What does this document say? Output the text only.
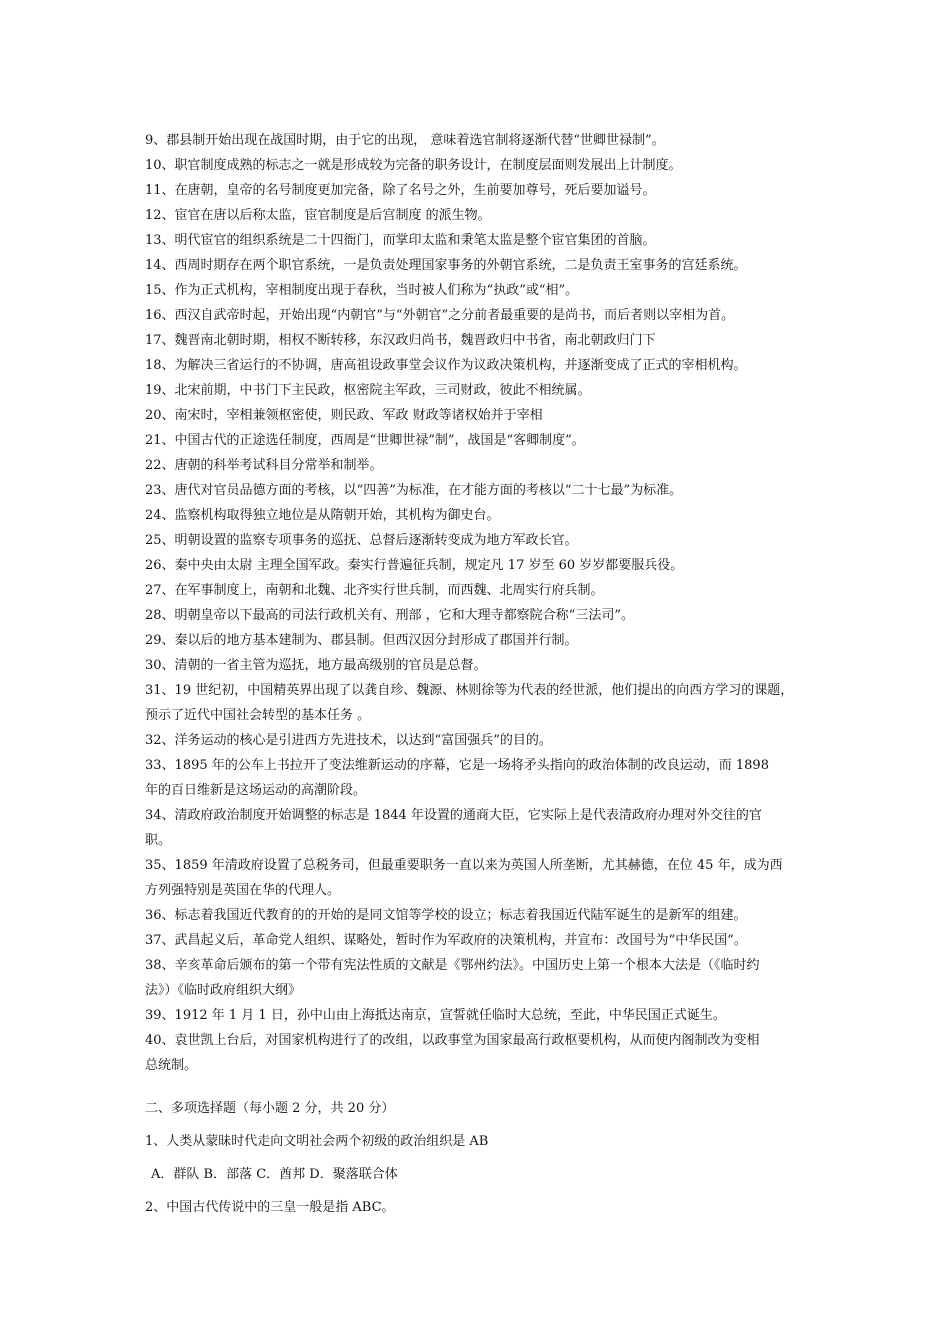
9、郡县制开始出现在战国时期，由于它的出现， 意味着选官制将逐渐代替“世卿世禄制”。
10、职官制度成熟的标志之一就是形成较为完备的职务设计，在制度层面则发展出上计制度。
11、在唐朝，皇帝的名号制度更加完备，除了名号之外，生前要加尊号，死后要加谥号。
12、宦官在唐以后称太监，宦官制度是后宫制度 的派生物。
13、明代宦官的组织系统是二十四衙门，而掌印太监和秉笔太监是整个宦官集团的首脑。
14、西周时期存在两个职官系统，一是负责处理国家事务的外朝官系统，二是负责王室事务的宫廷系统。
15、作为正式机构，宰相制度出现于春秋，当时被人们称为“执政”或“相”。
16、西汉自武帝时起，开始出现“内朝官”与“外朝官”之分前者最重要的是尚书，而后者则以宰相为首。
17、魏晋南北朝时期，相权不断转移，东汉政归尚书，魏晋政归中书省，南北朝政归门下
18、为解决三省运行的不协调，唐高祖设政事堂会议作为议政决策机构，并逐渐变成了正式的宰相机构。
19、北宋前期，中书门下主民政，枢密院主军政，三司财政，彼此不相统属。
20、南宋时，宰相兼领枢密使，则民政、军政 财政等诸权始并于宰相
21、中国古代的正途选任制度，西周是“世卿世禄”制”，战国是“客卿制度”。
22、唐朝的科举考试科目分常举和制举。
23、唐代对官员品德方面的考核，以“四善”为标准，在才能方面的考核以“二十七最”为标准。
24、监察机构取得独立地位是从隋朝开始，其机构为御史台。
25、明朝设置的监察专项事务的巡抚、总督后逐渐转变成为地方军政长官。
26、秦中央由太尉 主理全国军政。秦实行普遍征兵制，规定凡 17 岁至 60 岁岁都要服兵役。
27、在军事制度上，南朝和北魏、北齐实行世兵制，而西魏、北周实行府兵制。
28、明朝皇帝以下最高的司法行政机关有、刑部 ，它和大理寺都察院合称“三法司”。
29、秦以后的地方基本建制为、郡县制。但西汉因分封形成了郡国并行制。
30、清朝的一省主管为巡抚，地方最高级别的官员是总督。
31、19 世纪初，中国精英界出现了以龚自珍、魏源、林则徐等为代表的经世派，他们提出的向西方学习的课题，
预示了近代中国社会转型的基本任务 。
32、洋务运动的核心是引进西方先进技术，以达到“富国强兵”的目的。
33、1895 年的公车上书拉开了变法维新运动的序幕，它是一场将矛头指向的政治体制的改良运动，而 1898
年的百日维新是这场运动的高潮阶段。
34、清政府政治制度开始调整的标志是 1844 年设置的通商大臣，它实际上是代表清政府办理对外交往的官
职。
35、1859 年清政府设置了总税务司，但最重要职务一直以来为英国人所垄断，尤其赫德，在位 45 年，成为西
方列强特别是英国在华的代理人。
36、标志着我国近代教育的的开始的是同文馆等学校的设立；标志着我国近代陆军诞生的是新军的组建。
37、武昌起义后，革命党人组织、谋略处，暂时作为军政府的决策机构，并宣布：改国号为“中华民国”。
38、辛亥革命后颁布的第一个带有宪法性质的文献是《鄂州约法》。中国历史上第一个根本大法是（《临时约
法》）《临时政府组织大纲》
39、1912 年 1 月 1 日，孙中山由上海抵达南京，宣誓就任临时大总统，至此，中华民国正式诞生。
40、袁世凯上台后，对国家机构进行了的改组，以政事堂为国家最高行政枢要机构，从而使内阁制改为变相
总统制。
二、多项选择题（每小题 2 分，共 20 分）
1、人类从蒙昧时代走向文明社会两个初级的政治组织是 AB
A．群队 B．部落 C．酋邦 D．聚落联合体
2、中国古代传说中的三皇一般是指 ABC。
